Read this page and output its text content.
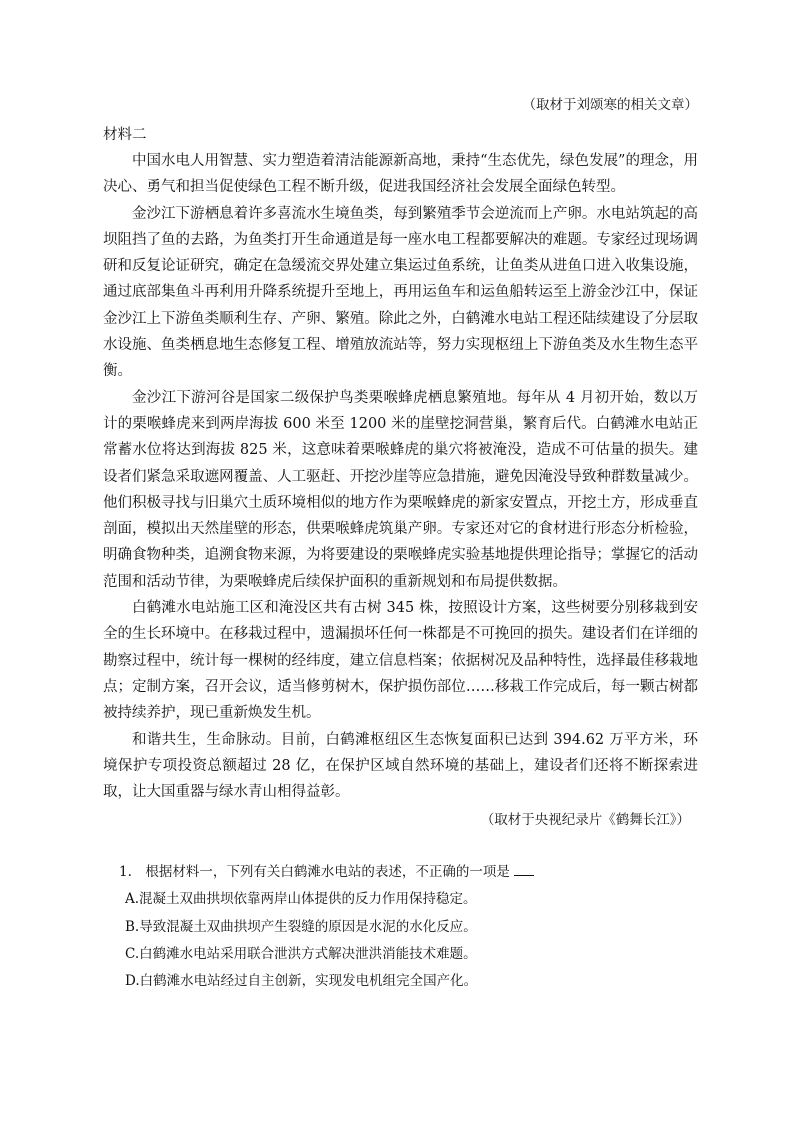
（取材于刘颂寒的相关文章）

材料二

中国水电人用智慧、实力塑造着清洁能源新高地，秉持“生态优先，绿色发展”的理念，用决心、勇气和担当促使绿色工程不断升级，促进我国经济社会发展全面绿色转型。

金沙江下游栖息着许多喜流水生境鱼类，每到繁殖季节会逆流而上产卵。水电站筑起的高坝阻挡了鱼的去路，为鱼类打开生命通道是每一座水电工程都要解决的难题。专家经过现场调研和反复论证研究，确定在急缓流交界处建立集运过鱼系统，让鱼类从进鱼口进入收集设施，通过底部集鱼斗再利用升降系统提升至地上，再用运鱼车和运鱼船转运至上游金沙江中，保证金沙江上下游鱼类顺利生存、产卵、繁殖。除此之外，白鹤滩水电站工程还陆续建设了分层取水设施、鱼类栖息地生态修复工程、增殖放流站等，努力实现枢纽上下游鱼类及水生物生态平衡。

金沙江下游河谷是国家二级保护鸟类栗喉蜂虎栖息繁殖地。每年从 4 月初开始，数以万计的栗喉蜂虎来到两岸海拔 600 米至 1200 米的崖壁挖洞营巢，繁育后代。白鹤滩水电站正常蓄水位将达到海拔 825 米，这意味着栗喉蜂虎的巢穴将被淹没，造成不可估量的损失。建设者们紧急采取遮网覆盖、人工驱赶、开挖沙崖等应急措施，避免因淹没导致种群数量减少。他们积极寻找与旧巢穴土质环境相似的地方作为栗喉蜂虎的新家安置点，开挖土方，形成垂直剖面，模拟出天然崖壁的形态，供栗喉蜂虎筑巢产卵。专家还对它的食材进行形态分析检验，明确食物种类，追溯食物来源，为将要建设的栗喉蜂虎实验基地提供理论指导；掌握它的活动范围和活动节律，为栗喉蜂虎后续保护面积的重新规划和布局提供数据。

白鹤滩水电站施工区和淹没区共有古树 345 株，按照设计方案，这些树要分别移栽到安全的生长环境中。在移栽过程中，遗漏损坏任何一株都是不可挽回的损失。建设者们在详细的勘察过程中，统计每一棵树的经纬度，建立信息档案；依据树况及品种特性，选择最佳移栽地点；定制方案，召开会议，适当修剪树木，保护损伤部位……移栽工作完成后，每一颗古树都被持续养护，现已重新焕发生机。

和谐共生，生命脉动。目前，白鹤滩枢纽区生态恢复面积已达到 394.62 万平方米，环境保护专项投资总额超过 28 亿，在保护区域自然环境的基础上，建设者们还将不断探索进取，让大国重器与绿水青山相得益彰。

（取材于央视纪录片《鹤舞长江》）

1.　根据材料一，下列有关白鹤滩水电站的表述，不正确的一项是

A.混凝土双曲拱坝依靠两岸山体提供的反力作用保持稳定。

B.导致混凝土双曲拱坝产生裂缝的原因是水泥的水化反应。

C.白鹤滩水电站采用联合泄洪方式解决泄洪消能技术难题。

D.白鹤滩水电站经过自主创新，实现发电机组完全国产化。
